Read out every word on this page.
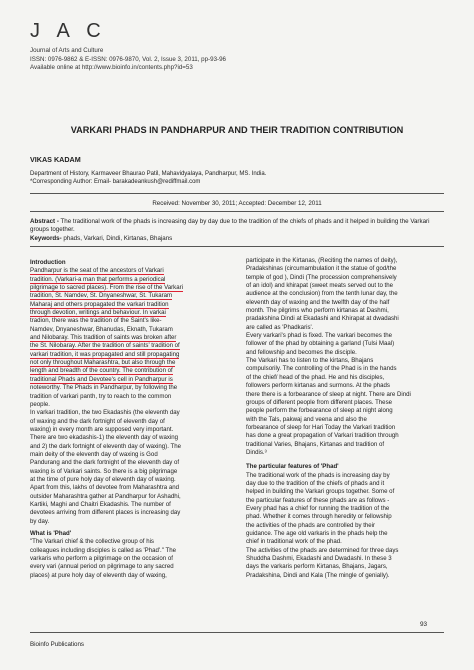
J A C
Journal of Arts and Culture
ISSN: 0976-9862 & E-ISSN: 0976-9870, Vol. 2, Issue 3, 2011, pp-93-96
Available online at http://www.bioinfo.in/contents.php?id=53
VARKARI PHADS IN PANDHARPUR AND THEIR TRADITION CONTRIBUTION
VIKAS KADAM
Department of History, Karmaveer Bhaurao Patil, Mahavidyalaya, Pandharpur, MS. India.
*Corresponding Author: Email- barakadeankush@rediffmail.com
Received: November 30, 2011; Accepted: December 12, 2011
Abstract - The traditional work of the phads is increasing day by day due to the tradition of the chiefs of phads and it helped in building the Varkari groups together.
Keywords- phads, Varkari, Dindi, Kirtanas, Bhajans
Introduction

Pandharpur is the seat of the ancestors of Varkari
tradition. (Varkari-a man that performs a periodical
pilgrimage to sacred places). From the rise of the Varkari
tradition, St. Namdev, St. Dnyaneshwar, St. Tukaram
Maharaj and others propagated the varkari tradition
through devotion, writings and behaviour. In varkai
tradion, there was the tradition of the Saint's like-
Namdev, Dnyaneshwar, Bhanudas, Eknath, Tukaram
and Nilobaray. This tradition of saints was broken after
the St. Nilobaray. After the tradition of saints' tradition of
varkari tradition, it was propagated and still propagating
not only throughout Maharashtra, but also through the
length and breadth of the country. The contribution of
traditional Phads and Devotee's cell in Pandharpur is
noteworthy. The Phads in Pandharpur, by following the
tradition of varkari panth, try to reach to the common
people.

In varkari tradition, the two Ekadashis (the eleventh day
of waxing and the dark fortnight of eleventh day of
waxing) in every month are supposed very important.
There are two ekadashis-1) the eleventh day of waxing
and 2) the dark fortnight of eleventh day of waxing). The
main deity of the eleventh day of waxing is God
Pandurang and the dark fortnight of the eleventh day of
waxing is of Varkari saints. So there is a big pilgrimage
at the time of pure holy day of eleventh day of waxing.
Apart from this, lakhs of devotee from Maharashtra and
outsider Maharashtra gather at Pandharpur for Ashadhi,
Kartiki, Maghi and Chaitri Ekadashis. The number of
devotees arriving from different places is increasing day
by day.

What is 'Phad'

"The Varkari chief & the collective group of his
colleagues including disciples is called as 'Phad'." The
varkaris who perform a pilgrimage on the occasion of
every vari (annual period on pilgrimage to any sacred
places) at pure holy day of eleventh day of waxing,

participate in the Kirtanas, (Reciting the names of deity),
Pradakshinas (circumambulation it the statue of god/the
temple of god ), Dindi (The procession comprehensively
of an idol) and khirapat (sweet meats served out to the
audience at the conclusion) from the tenth lunar day, the
eleventh day of waxing and the twelfth day of the half
month. The pilgrims who perform kirtanas at Dashmi,
pradakshina Dindi at Ekadashi and Khirapat at dwadashi
are called as 'Phadkaris'.

Every varkari's phad is fixed. The varkari becomes the
follower of the phad by obtaining a garland (Tulsi Maal)
and fellowship and becomes the disciple.
The Varkari has to listen to the kirtans, Bhajans
compulsorily. The controlling of the Phad is in the hands
of the chief/ head of the phad. He and his disciples,
followers perform kirtanas and surmons. At the phads
there there is a forbearance of sleep at night. There are Dindi
groups of different people from different places. These
people perform the forbearance of sleep at night along
with the Tals, pakwaj and veena and also the
forbearance of sleep for Hari Today the Varkari tradition
has done a great propagation of Varkari tradition through
traditional Varies, Bhajans, Kirtanas and tradition of
Dindis.³

The particular features of 'Phad'

The traditional work of the phads is increasing day by
day due to the tradition of the chiefs of phads and it
helped in building the Varkari groups together. Some of
the particular features of these phads are as follows -
Every phad has a chief for running the tradition of the
phad. Whether it comes through heredity or fellowship
the activities of the phads are controlled by their
guidance. The age old varkaris in the phads help the
chief in traditional work of the phad.
The activities of the phads are determined for three days
Shuddha Dashmi, Ekadashi and Dwadashi. In these 3
days the varkaris perform Kirtanas, Bhajans, Jagars,
Pradakshina, Dindi and Kala (The mingle of genially).

93
Bioinfo Publications
